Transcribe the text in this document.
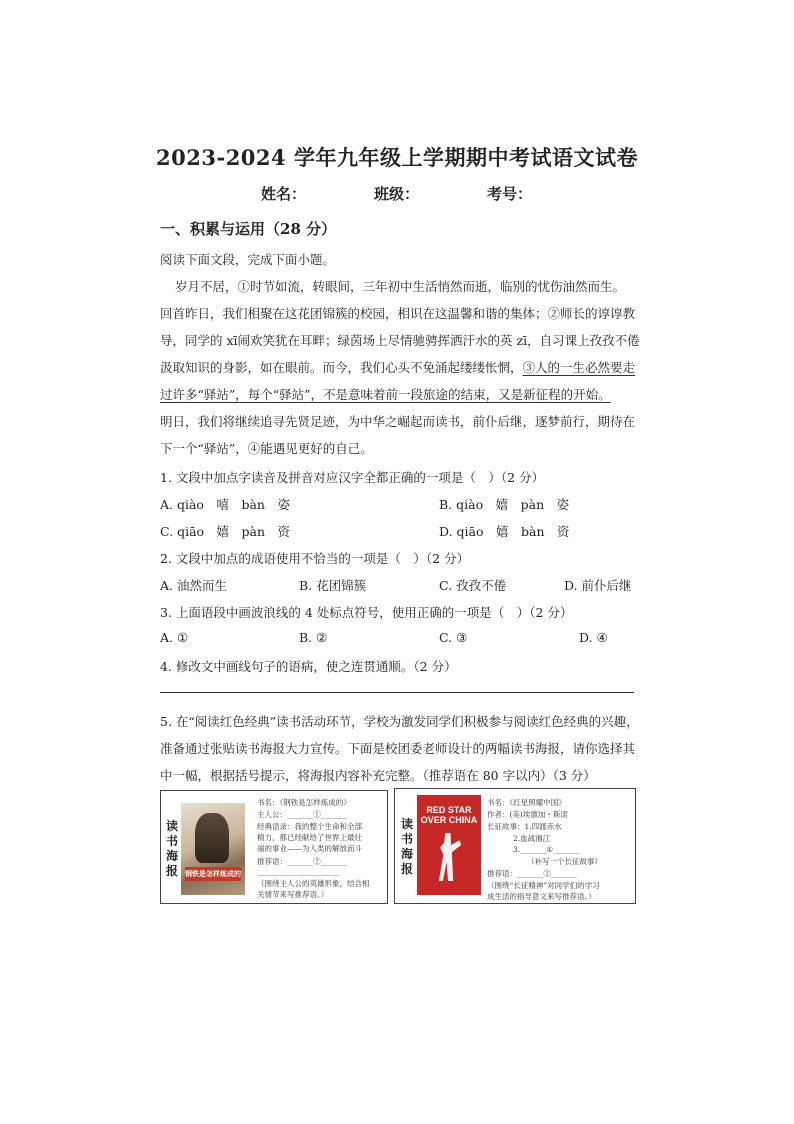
2023-2024 学年九年级上学期期中考试语文试卷
姓名：	班级：	考号：
一、积累与运用（28 分）
阅读下面文段，完成下面小题。
岁月不居，①时节如流，转眼间，三年初中生活悄然而逝，临别的忧伤油然而生。
回首昨日，我们相聚在这花团锦簇的校园，相识在这温馨和谐的集体；②师长的谆谆教
导，同学的 xī闹欢笑犹在耳畔；绿茵场上尽情驰骋挥洒汗水的英 zī，自习课上孜孜不倦
汲取知识的身影，如在眼前。而今，我们心头不免涌起缕缕怅惘，③人的一生必然要走
过许多“驿站”，每个“驿站”，不是意味着前一段旅途的结束，又是新征程的开始。
明日，我们将继续追寻先贤足迹，为中华之崛起而读书，前仆后继，逐梦前行，期待在
下一个“驿站”，④能遇见更好的自己。
1. 文段中加点字读音及拼音对应汉字全都正确的一项是（　）（2 分）
A. qiào　嘻　bàn　姿	B. qiào　嬉　pàn　姿
C. qiāo　嬉　pàn　资	D. qiāo　嬉　bàn　资
2. 文段中加点的成语使用不恰当的一项是（　）（2 分）
A. 油然而生	B. 花团锦簇	C. 孜孜不倦	D. 前仆后继
3. 上面语段中画波浪线的 4 处标点符号，使用正确的一项是（　）（2 分）
A. ①	B. ②	C. ③	D. ④
4. 修改文中画线句子的语病，使之连贯通顺。（2 分）
5. 在“阅读红色经典”读书活动环节，学校为激发同学们积极参与阅读红色经典的兴趣，
准备通过张贴读书海报大力宣传。下面是校团委老师设计的两幅读书海报，请你选择其
中一幅，根据括号提示，将海报内容补充完整。（推荐语在 80 字以内）（3 分）
读
书
海
报 钢铁是怎样炼成的
书名：《钢铁是怎样炼成的》
主人公：_______①_______
经典语录：我的整个生命和全部
精力，都已经献给了世界上最壮
丽的事业——为人类的解放而斗
推荐语：_______②_______
______________________
（围绕主人公的英雄形象，结合相
关情节来写推荐语。）
读
书
海
报
RED STAR
OVER CHINA
书名：《红星照耀中国》
作者：(美)埃德加・斯诺
长征故事：1.四渡赤水
2.血战湘江
3._______①_______
（补写一个长征故事）
推荐语：_______②_______
（围绕“长征精神”对同学们的学习
成生活的指导意义来写推荐语。）
